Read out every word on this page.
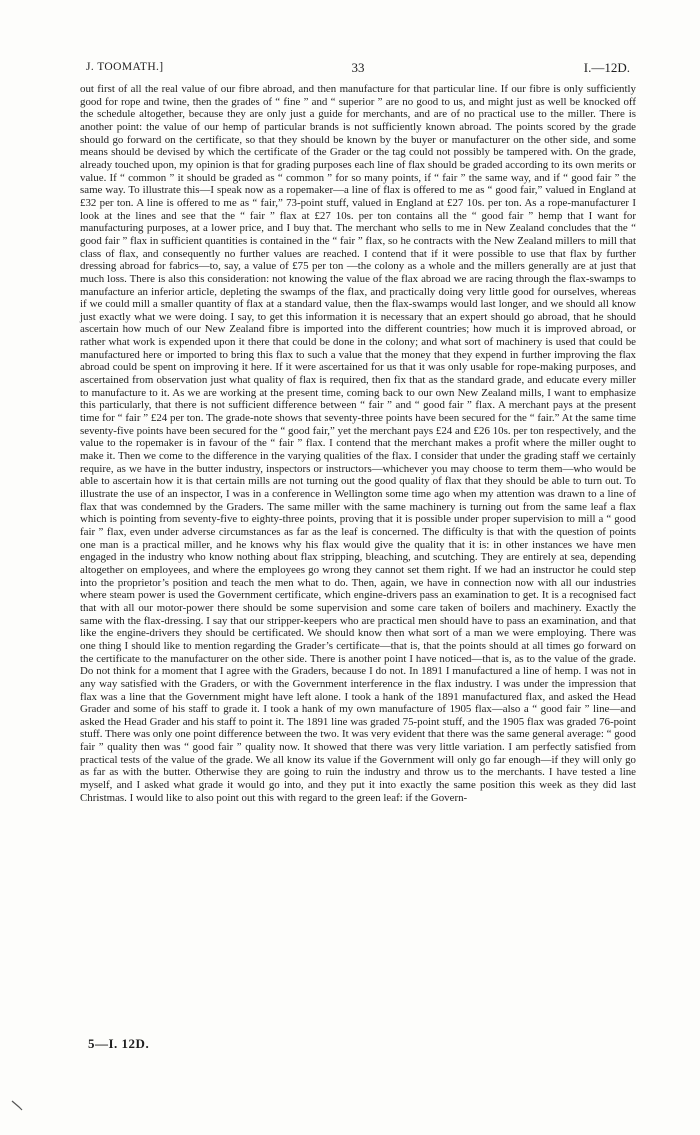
J. TOOMATH.]	33	I.—12D.

out first of all the real value of our fibre abroad, and then manufacture for that particular line. If our fibre is only sufficiently good for rope and twine, then the grades of “ fine ” and “ superior ” are no good to us, and might just as well be knocked off the schedule altogether, because they are only just a guide for merchants, and are of no practical use to the miller. There is another point: the value of our hemp of particular brands is not sufficiently known abroad. The points scored by the grade should go forward on the certificate, so that they should be known by the buyer or manufacturer on the other side, and some means should be devised by which the certificate of the Grader or the tag could not possibly be tampered with. On the grade, already touched upon, my opinion is that for grading purposes each line of flax should be graded according to its own merits or value. If “ common ” it should be graded as “ common ” for so many points, if “ fair ” the same way, and if “ good fair ” the same way. To illustrate this—I speak now as a ropemaker—a line of flax is offered to me as “ good fair,” valued in England at £32 per ton. A line is offered to me as “ fair,” 73-point stuff, valued in England at £27 10s. per ton. As a rope-manufacturer I look at the lines and see that the “ fair ” flax at £27 10s. per ton contains all the “ good fair ” hemp that I want for manufacturing purposes, at a lower price, and I buy that. The merchant who sells to me in New Zealand concludes that the “ good fair ” flax in sufficient quantities is contained in the “ fair ” flax, so he contracts with the New Zealand millers to mill that class of flax, and consequently no further values are reached. I contend that if it were possible to use that flax by further dressing abroad for fabrics—to, say, a value of £75 per ton —the colony as a whole and the millers generally are at just that much loss. There is also this consideration: not knowing the value of the flax abroad we are racing through the flax-swamps to manufacture an inferior article, depleting the swamps of the flax, and practically doing very little good for ourselves, whereas if we could mill a smaller quantity of flax at a standard value, then the flax-swamps would last longer, and we should all know just exactly what we were doing. I say, to get this information it is necessary that an expert should go abroad, that he should ascertain how much of our New Zealand fibre is imported into the different countries; how much it is improved abroad, or rather what work is expended upon it there that could be done in the colony; and what sort of machinery is used that could be manufactured here or imported to bring this flax to such a value that the money that they expend in further improving the flax abroad could be spent on improving it here. If it were ascertained for us that it was only usable for rope-making purposes, and ascertained from observation just what quality of flax is required, then fix that as the standard grade, and educate every miller to manufacture to it. As we are working at the present time, coming back to our own New Zealand mills, I want to emphasize this particularly, that there is not sufficient difference between “ fair ” and “ good fair ” flax. A merchant pays at the present time for “ fair ” £24 per ton. The grade-note shows that seventy-three points have been secured for the “ fair.” At the same time seventy-five points have been secured for the “ good fair,” yet the merchant pays £24 and £26 10s. per ton respectively, and the value to the ropemaker is in favour of the “ fair ” flax. I contend that the merchant makes a profit where the miller ought to make it. Then we come to the difference in the varying qualities of the flax. I consider that under the grading staff we certainly require, as we have in the butter industry, inspectors or instructors—whichever you may choose to term them—who would be able to ascertain how it is that certain mills are not turning out the good quality of flax that they should be able to turn out. To illustrate the use of an inspector, I was in a conference in Wellington some time ago when my attention was drawn to a line of flax that was condemned by the Graders. The same miller with the same machinery is turning out from the same leaf a flax which is pointing from seventy-five to eighty-three points, proving that it is possible under proper supervision to mill a “ good fair ” flax, even under adverse circumstances as far as the leaf is concerned. The difficulty is that with the question of points one man is a practical miller, and he knows why his flax would give the quality that it is: in other instances we have men engaged in the industry who know nothing about flax stripping, bleaching, and scutching. They are entirely at sea, depending altogether on employees, and where the employees go wrong they cannot set them right. If we had an instructor he could step into the proprietor’s position and teach the men what to do. Then, again, we have in connection now with all our industries where steam power is used the Government certificate, which engine-drivers pass an examination to get. It is a recognised fact that with all our motor-power there should be some supervision and some care taken of boilers and machinery. Exactly the same with the flax-dressing. I say that our stripper-keepers who are practical men should have to pass an examination, and that like the engine-drivers they should be certificated. We should know then what sort of a man we were employing. There was one thing I should like to mention regarding the Grader’s certificate—that is, that the points should at all times go forward on the certificate to the manufacturer on the other side. There is another point I have noticed—that is, as to the value of the grade. Do not think for a moment that I agree with the Graders, because I do not. In 1891 I manufactured a line of hemp. I was not in any way satisfied with the Graders, or with the Government interference in the flax industry. I was under the impression that flax was a line that the Government might have left alone. I took a hank of the 1891 manufactured flax, and asked the Head Grader and some of his staff to grade it. I took a hank of my own manufacture of 1905 flax—also a “ good fair ” line—and asked the Head Grader and his staff to point it. The 1891 line was graded 75-point stuff, and the 1905 flax was graded 76-point stuff. There was only one point difference between the two. It was very evident that there was the same general average: “ good fair ” quality then was “ good fair ” quality now. It showed that there was very little variation. I am perfectly satisfied from practical tests of the value of the grade. We all know its value if the Government will only go far enough—if they will only go as far as with the butter. Otherwise they are going to ruin the industry and throw us to the merchants. I have tested a line myself, and I asked what grade it would go into, and they put it into exactly the same position this week as they did last Christmas. I would like to also point out this with regard to the green leaf: if the Govern-

5—I. 12D.
